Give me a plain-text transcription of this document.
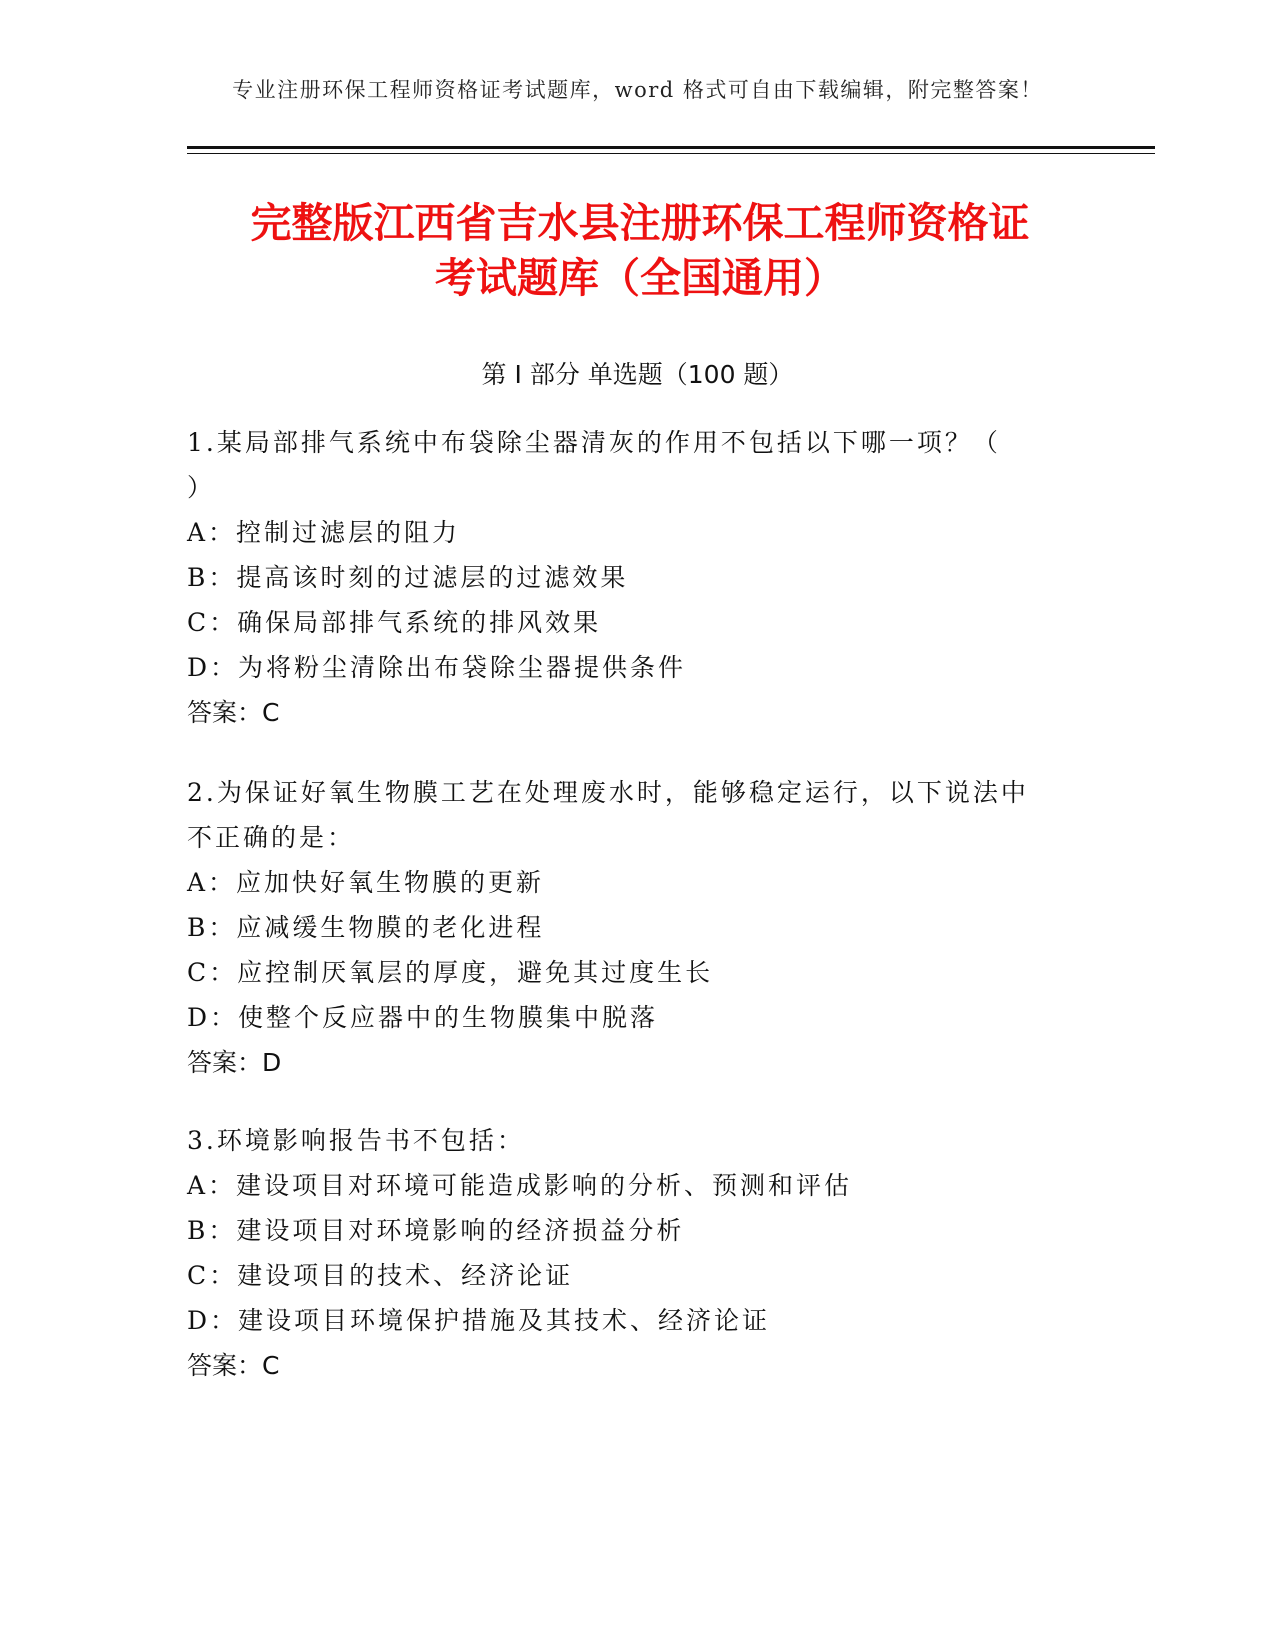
专业注册环保工程师资格证考试题库，word 格式可自由下载编辑，附完整答案！
完整版江西省吉水县注册环保工程师资格证
考试题库（全国通用）
第 I 部分 单选题（100 题）
1.某局部排气系统中布袋除尘器清灰的作用不包括以下哪一项？（
）
A：控制过滤层的阻力
B：提高该时刻的过滤层的过滤效果
C：确保局部排气系统的排风效果
D：为将粉尘清除出布袋除尘器提供条件
答案：C
2.为保证好氧生物膜工艺在处理废水时，能够稳定运行，以下说法中
不正确的是：
A：应加快好氧生物膜的更新
B：应减缓生物膜的老化进程
C：应控制厌氧层的厚度，避免其过度生长
D：使整个反应器中的生物膜集中脱落
答案：D
3.环境影响报告书不包括：
A：建设项目对环境可能造成影响的分析、预测和评估
B：建设项目对环境影响的经济损益分析
C：建设项目的技术、经济论证
D：建设项目环境保护措施及其技术、经济论证
答案：C
